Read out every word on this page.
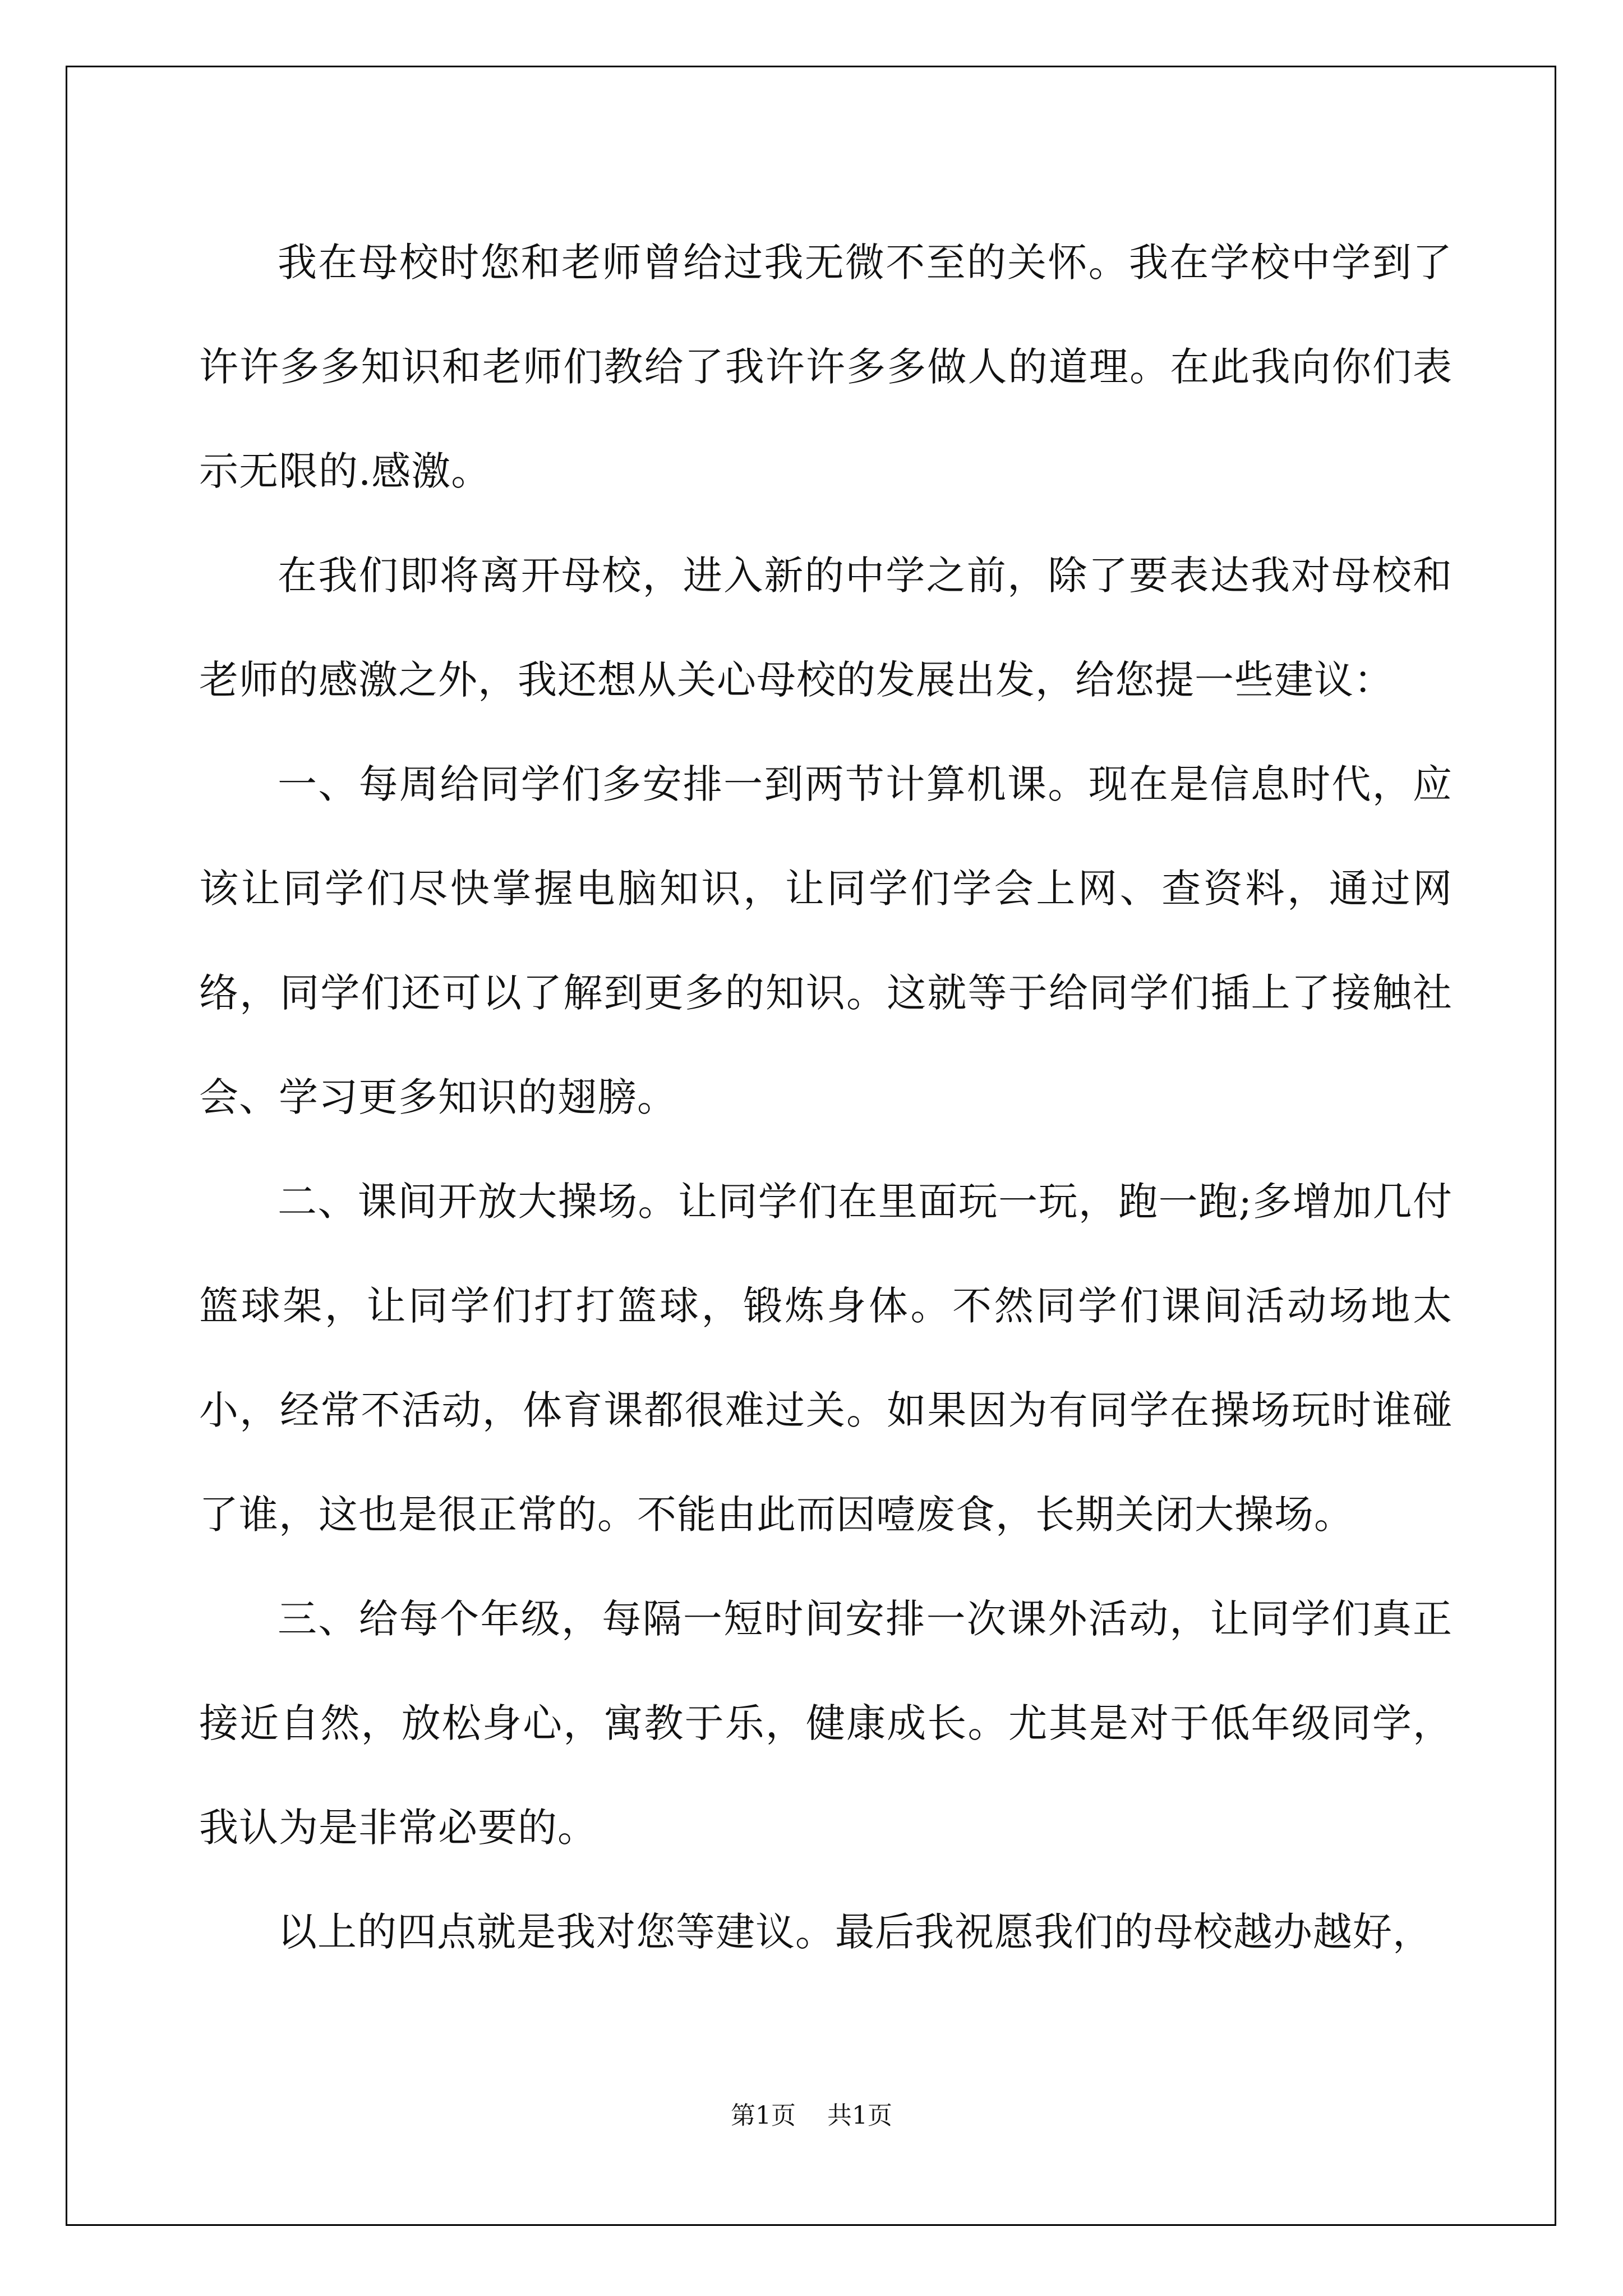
我在母校时您和老师曾给过我无微不至的关怀。我在学校中学到了许许多多知识和老师们教给了我许许多多做人的道理。在此我向你们表示无限的.感激。

在我们即将离开母校，进入新的中学之前，除了要表达我对母校和老师的感激之外，我还想从关心母校的发展出发，给您提一些建议：

一、每周给同学们多安排一到两节计算机课。现在是信息时代，应该让同学们尽快掌握电脑知识，让同学们学会上网、查资料，通过网络，同学们还可以了解到更多的知识。这就等于给同学们插上了接触社会、学习更多知识的翅膀。

二、课间开放大操场。让同学们在里面玩一玩，跑一跑;多增加几付篮球架，让同学们打打篮球，锻炼身体。不然同学们课间活动场地太小，经常不活动，体育课都很难过关。如果因为有同学在操场玩时谁碰了谁，这也是很正常的。不能由此而因噎废食，长期关闭大操场。

三、给每个年级，每隔一短时间安排一次课外活动，让同学们真正接近自然，放松身心，寓教于乐，健康成长。尤其是对于低年级同学，我认为是非常必要的。

以上的四点就是我对您等建议。最后我祝愿我们的母校越办越好，

第1页 共1页
